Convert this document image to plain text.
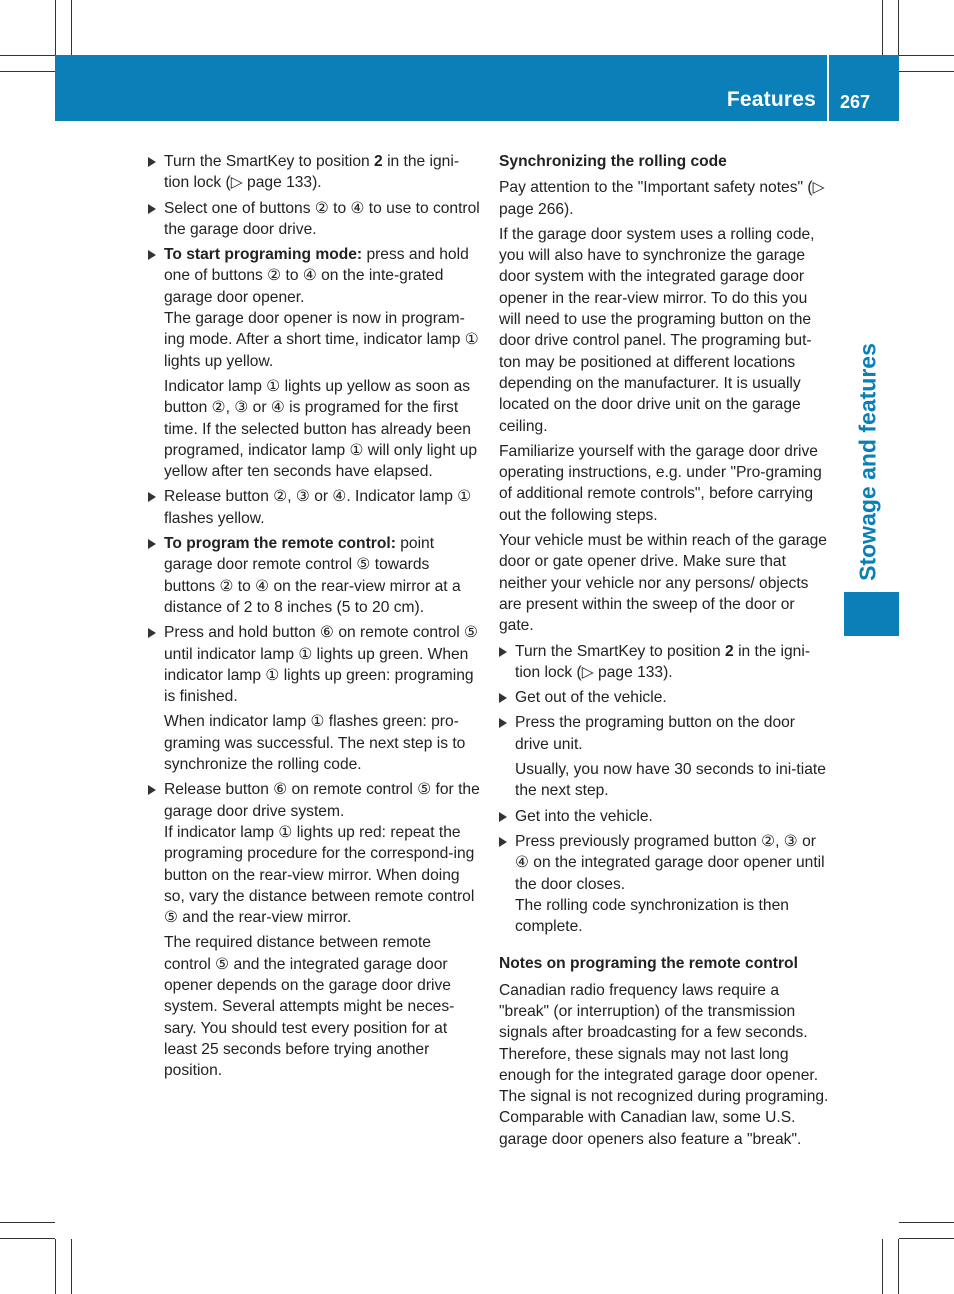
Features 267
Stowage and features

Turn the SmartKey to position 2 in the igni-tion lock (▷ page 133).

Select one of buttons ② to ④ to use to control the garage door drive.

To start programing mode: press and hold one of buttons ② to ④ on the inte-grated garage door opener.
The garage door opener is now in program-ing mode. After a short time, indicator lamp ① lights up yellow.

Indicator lamp ① lights up yellow as soon as button ②, ③ or ④ is programed for the first time. If the selected button has already been programed, indicator lamp ① will only light up yellow after ten seconds have elapsed.

Release button ②, ③ or ④. Indicator lamp ① flashes yellow.

To program the remote control: point garage door remote control ⑤ towards buttons ② to ④ on the rear-view mirror at a distance of 2 to 8 inches (5 to 20 cm).

Press and hold button ⑥ on remote control ⑤ until indicator lamp ① lights up green. When indicator lamp ① lights up green: programing is finished.

When indicator lamp ① flashes green: pro-graming was successful. The next step is to synchronize the rolling code.

Release button ⑥ on remote control ⑤ for the garage door drive system.
If indicator lamp ① lights up red: repeat the programing procedure for the correspond-ing button on the rear-view mirror. When doing so, vary the distance between remote control ⑤ and the rear-view mirror.

The required distance between remote control ⑤ and the integrated garage door opener depends on the garage door drive system. Several attempts might be neces-sary. You should test every position for at least 25 seconds before trying another position.

Synchronizing the rolling code

Pay attention to the "Important safety notes" (▷ page 266).

If the garage door system uses a rolling code, you will also have to synchronize the garage door system with the integrated garage door opener in the rear-view mirror. To do this you will need to use the programing button on the door drive control panel. The programing but-ton may be positioned at different locations depending on the manufacturer. It is usually located on the door drive unit on the garage ceiling.

Familiarize yourself with the garage door drive operating instructions, e.g. under "Pro-graming of additional remote controls", before carrying out the following steps.

Your vehicle must be within reach of the garage door or gate opener drive. Make sure that neither your vehicle nor any persons/ objects are present within the sweep of the door or gate.

Turn the SmartKey to position 2 in the igni-tion lock (▷ page 133).

Get out of the vehicle.

Press the programing button on the door drive unit.

Usually, you now have 30 seconds to ini-tiate the next step.

Get into the vehicle.

Press previously programed button ②, ③ or ④ on the integrated garage door opener until the door closes.
The rolling code synchronization is then complete.

Notes on programing the remote control

Canadian radio frequency laws require a "break" (or interruption) of the transmission signals after broadcasting for a few seconds. Therefore, these signals may not last long enough for the integrated garage door opener. The signal is not recognized during programing. Comparable with Canadian law, some U.S. garage door openers also feature a "break".
